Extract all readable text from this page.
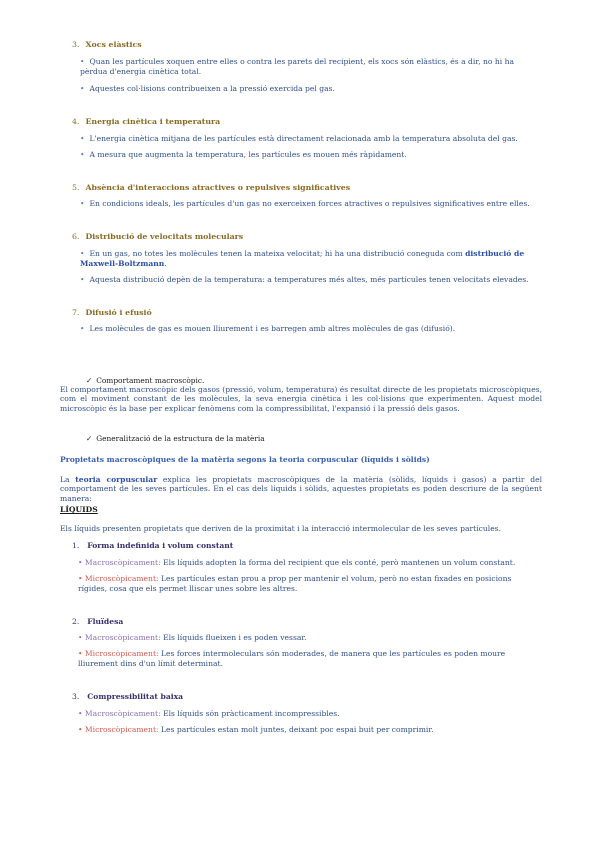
3. Xocs elàstics
• Quan les partícules xoquen entre elles o contra les parets del recipient, els xocs són elàstics, és a dir, no hi ha pèrdua d'energia cinètica total.
• Aquestes col·lisions contribueixen a la pressió exercida pel gas.
4. Energia cinètica i temperatura
• L'energia cinètica mitjana de les partícules està directament relacionada amb la temperatura absoluta del gas.
• A mesura que augmenta la temperatura, les partícules es mouen més ràpidament.
5. Absència d'interaccions atractives o repulsives significatives
• En condicions ideals, les partícules d'un gas no exerceixen forces atractives o repulsives significatives entre elles.
6. Distribució de velocitats moleculars
• En un gas, no totes les molècules tenen la mateixa velocitat; hi ha una distribució coneguda com distribució de Maxwell-Boltzmann.
• Aquesta distribució depèn de la temperatura: a temperatures més altes, més partícules tenen velocitats elevades.
7. Difusió i efusió
• Les molècules de gas es mouen lliurement i es barregen amb altres molècules de gas (difusió).
✓ Comportament macroscòpic.
El comportament macroscòpic dels gasos (pressió, volum, temperatura) és resultat directe de les propietats microscòpiques, com el moviment constant de les molècules, la seva energia cinètica i les col·lisions que experimenten. Aquest model microscòpic és la base per explicar fenòmens com la compressibilitat, l'expansió i la pressió dels gasos.
✓ Generalització de la estructura de la matèria
Propietats macroscòpiques de la matèria segons la teoria corpuscular (líquids i sòlids)
La teoria corpuscular explica les propietats macroscòpiques de la matèria (sòlids, líquids i gasos) a partir del comportament de les seves partícules. En el cas dels líquids i sòlids, aquestes propietats es poden descriure de la següent manera:
LÍQUIDS
Els líquids presenten propietats que deriven de la proximitat i la interacció intermolecular de les seves partícules.
1. Forma indefinida i volum constant
• Macroscòpicament: Els líquids adopten la forma del recipient que els conté, però mantenen un volum constant.
• Microscòpicament: Les partícules estan prou a prop per mantenir el volum, però no estan fixades en posicions rígides, cosa que els permet lliscar unes sobre les altres.
2. Fluïdesa
• Macroscòpicament: Els líquids flueixen i es poden vessar.
• Microscòpicament: Les forces intermoleculars són moderades, de manera que les partícules es poden moure lliurement dins d'un límit determinat.
3. Compressibilitat baixa
• Macroscòpicament: Els líquids són pràcticament incompressibles.
• Microscòpicament: Les partícules estan molt juntes, deixant poc espai buit per comprimir.
